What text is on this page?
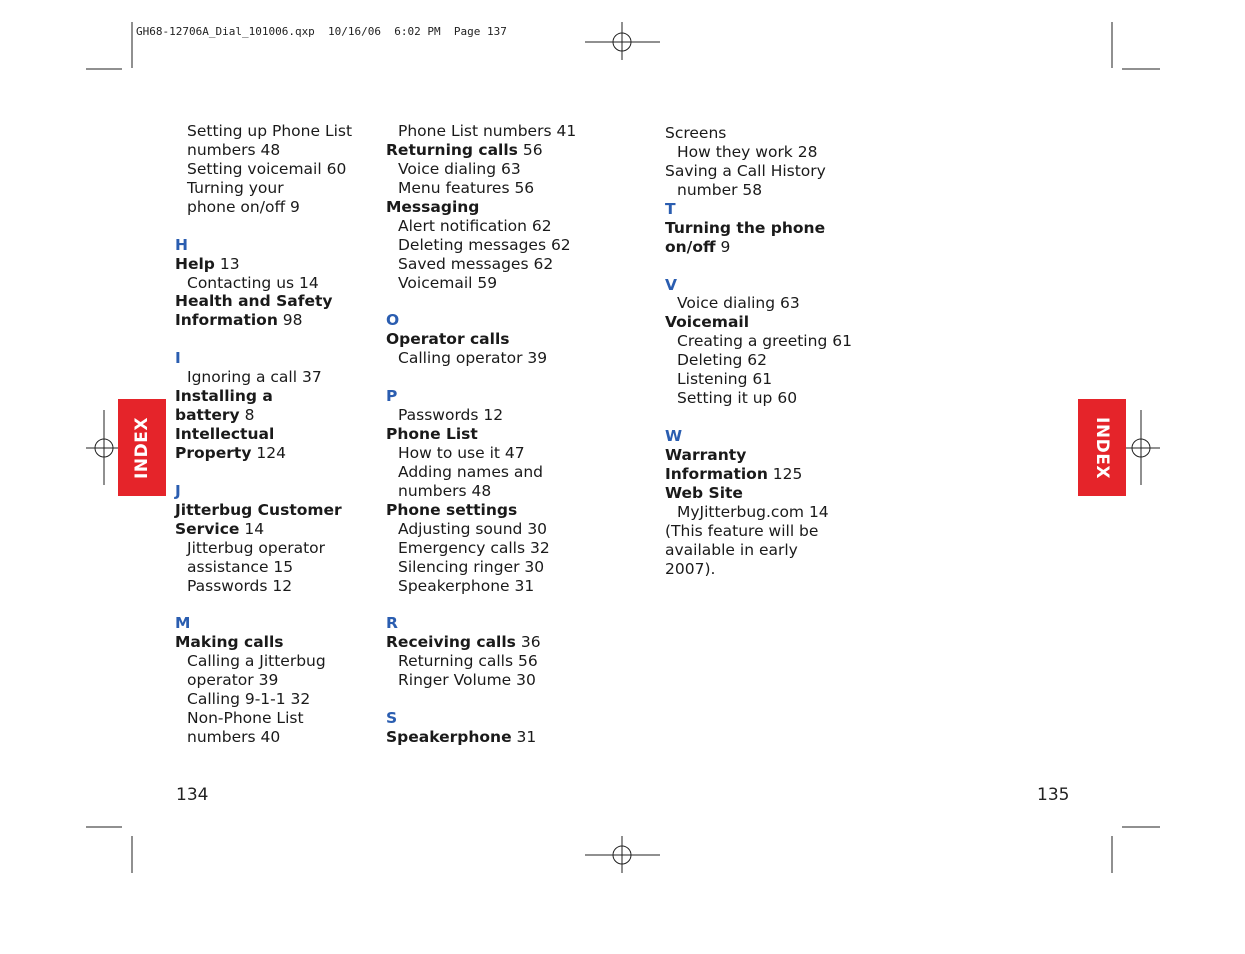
GH68-12706A_Dial_101006.qxp  10/16/06  6:02 PM  Page 137
INDEX	INDEX
Setting up Phone List
numbers 48
Setting voicemail 60
Turning your
phone on/off 9
H
Help 13
Contacting us 14
Health and Safety
Information 98
I
Ignoring a call 37
Installing a
battery 8
Intellectual
Property 124
J
Jitterbug Customer
Service 14
Jitterbug operator
assistance 15
Passwords 12
M
Making calls
Calling a Jitterbug
operator 39
Calling 9-1-1 32
Non-Phone List
numbers 40
Phone List numbers 41
Returning calls 56
Voice dialing 63
Menu features 56
Messaging
Alert notification 62
Deleting messages 62
Saved messages 62
Voicemail 59
O
Operator calls
Calling operator 39
P
Passwords 12
Phone List
How to use it 47
Adding names and
numbers 48
Phone settings
Adjusting sound 30
Emergency calls 32
Silencing ringer 30
Speakerphone 31
R
Receiving calls 36
Returning calls 56
Ringer Volume 30
S
Speakerphone 31
Screens
How they work 28
Saving a Call History
number 58
T
Turning the phone
on/off 9
V
Voice dialing 63
Voicemail
Creating a greeting 61
Deleting 62
Listening 61
Setting it up 60
W
Warranty
Information 125
Web Site
MyJitterbug.com 14
(This feature will be
available in early
2007).
134	135
